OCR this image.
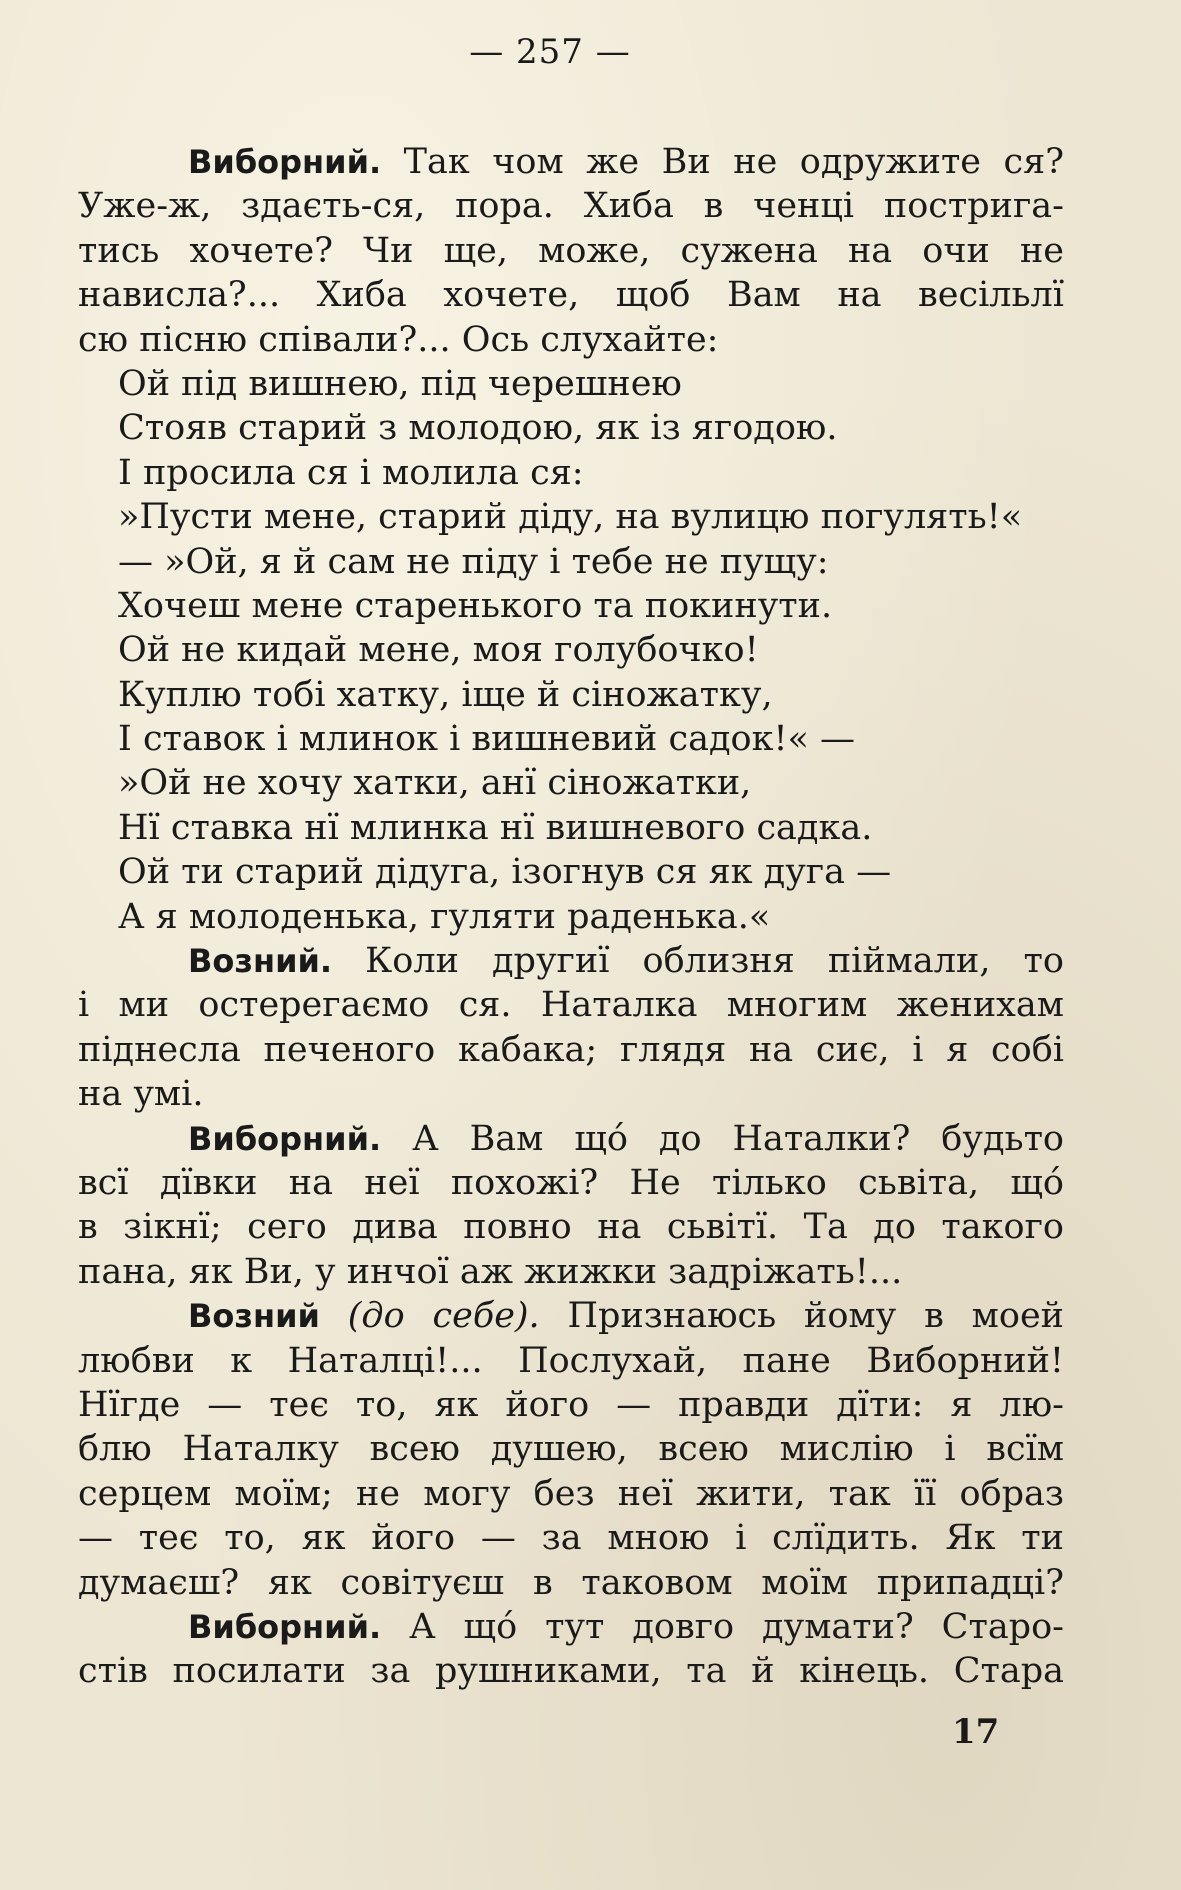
— 257 —
Виборний. Так чом же Ви не одружите ся?
Уже-ж, здаєть-ся, пора. Хиба в ченці пострига-
тись хочете? Чи ще, може, сужена на очи не
нависла?... Хиба хочете, щоб Вам на весільлї
сю пісню співали?... Ось слухайте:
Ой під вишнею, під черешнею
Стояв старий з молодою, як із ягодою.
І просила ся і молила ся:
»Пусти мене, старий діду, на вулицю погулять!«
— »Ой, я й сам не піду і тебе не пущу:
Хочеш мене старенького та покинути.
Ой не кидай мене, моя голубочко!
Куплю тобі хатку, іще й сіножатку,
І ставок і млинок і вишневий садок!« —
»Ой не хочу хатки, анї сіножатки,
Нї ставка нї млинка нї вишневого садка.
Ой ти старий дідуга, ізогнув ся як дуга —
А я молоденька, гуляти раденька.«
Возний. Коли другиї облизня піймали, то
і ми остерегаємо ся. Наталка многим женихам
піднесла печеного кабака; глядя на сиє, і я собі
на умі.
Виборний. А Вам що́ до Наталки? будьто
всї дївки на неї похожі? Не тілько сьвіта, що́
в зікнї; сего дива повно на сьвітї. Та до такого
пана, як Ви, у инчої аж жижки задріжать!...
Возний (до себе). Признаюсь йому в моей
любви к Наталці!... Послухай, пане Виборний!
Нїгде — теє то, як його — правди дїти: я лю-
блю Наталку всею душею, всею мислію і всїм
серцем моїм; не могу без неї жити, так її образ
— теє то, як його — за мною і слїдить. Як ти
думаєш? як совітуєш в таковом моїм припадці?
Виборний. А що́ тут довго думати? Старо-
стів посилати за рушниками, та й кінець. Стара
17
